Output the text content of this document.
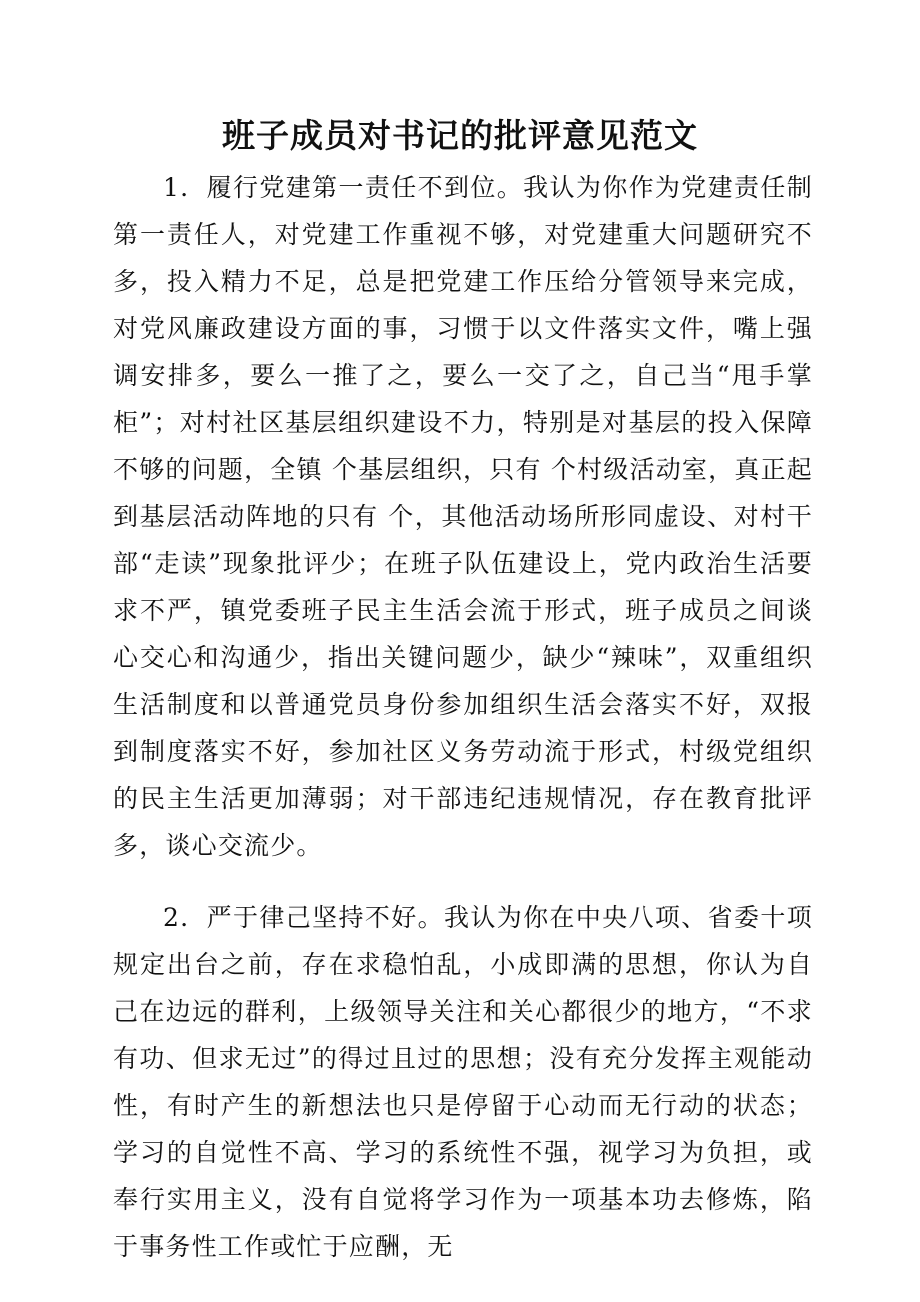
班子成员对书记的批评意见范文

1．履行党建第一责任不到位。我认为你作为党建责任制第一责任人，对党建工作重视不够，对党建重大问题研究不多，投入精力不足，总是把党建工作压给分管领导来完成，对党风廉政建设方面的事，习惯于以文件落实文件，嘴上强调安排多，要么一推了之，要么一交了之，自己当“甩手掌柜”；对村社区基层组织建设不力，特别是对基层的投入保障不够的问题，全镇 个基层组织，只有 个村级活动室，真正起到基层活动阵地的只有 个，其他活动场所形同虚设、对村干部“走读”现象批评少；在班子队伍建设上，党内政治生活要求不严，镇党委班子民主生活会流于形式，班子成员之间谈心交心和沟通少，指出关键问题少，缺少“辣味”，双重组织生活制度和以普通党员身份参加组织生活会落实不好，双报到制度落实不好，参加社区义务劳动流于形式，村级党组织的民主生活更加薄弱；对干部违纪违规情况，存在教育批评多，谈心交流少。

2．严于律己坚持不好。我认为你在中央八项、省委十项规定出台之前，存在求稳怕乱，小成即满的思想，你认为自己在边远的群利，上级领导关注和关心都很少的地方，“不求有功、但求无过”的得过且过的思想；没有充分发挥主观能动性，有时产生的新想法也只是停留于心动而无行动的状态；学习的自觉性不高、学习的系统性不强，视学习为负担，或奉行实用主义，没有自觉将学习作为一项基本功去修炼，陷于事务性工作或忙于应酬，无
